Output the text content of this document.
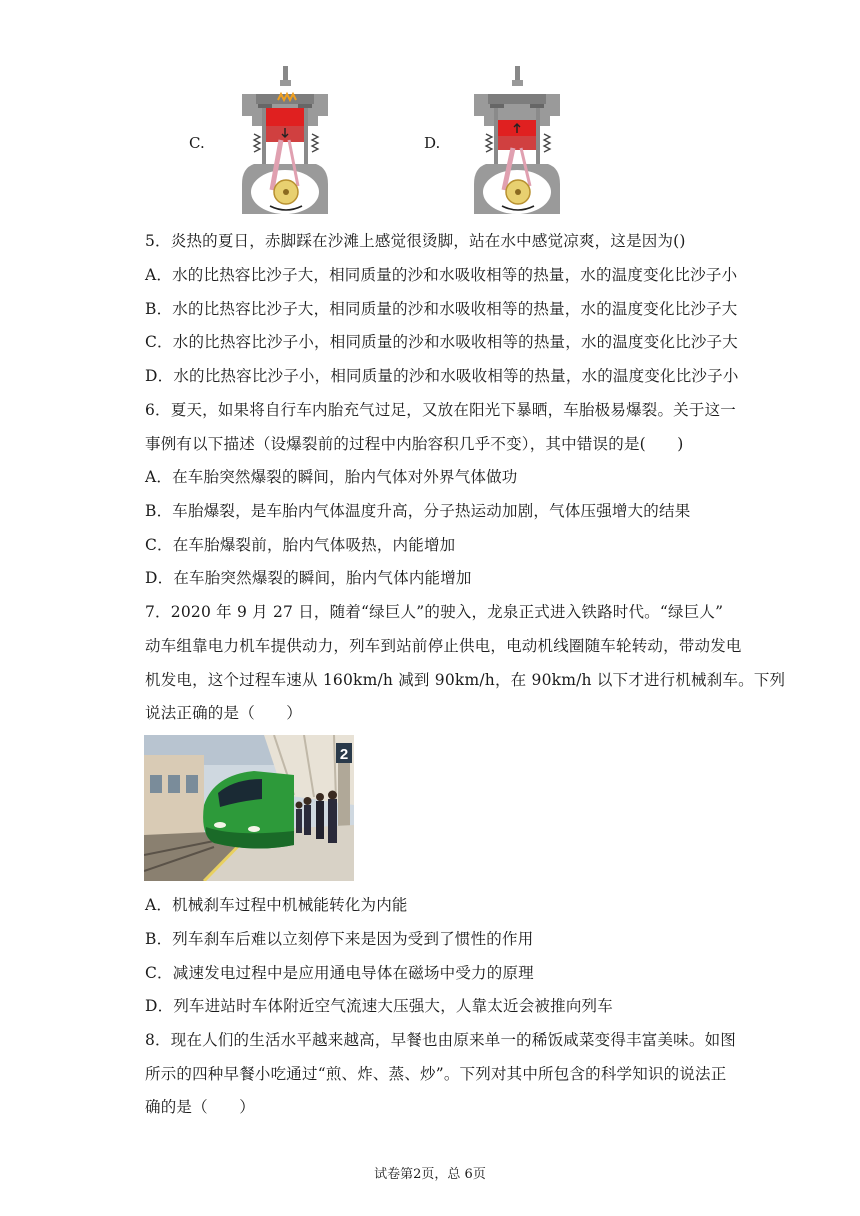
C.	D.
5．炎热的夏日，赤脚踩在沙滩上感觉很烫脚，站在水中感觉凉爽，这是因为()
A．水的比热容比沙子大，相同质量的沙和水吸收相等的热量，水的温度变化比沙子小
B．水的比热容比沙子大，相同质量的沙和水吸收相等的热量，水的温度变化比沙子大
C．水的比热容比沙子小，相同质量的沙和水吸收相等的热量，水的温度变化比沙子大
D．水的比热容比沙子小，相同质量的沙和水吸收相等的热量，水的温度变化比沙子小
6．夏天，如果将自行车内胎充气过足，又放在阳光下暴晒，车胎极易爆裂。关于这一
事例有以下描述（设爆裂前的过程中内胎容积几乎不变），其中错误的是(　　)
A．在车胎突然爆裂的瞬间，胎内气体对外界气体做功
B．车胎爆裂，是车胎内气体温度升高，分子热运动加剧，气体压强增大的结果
C．在车胎爆裂前，胎内气体吸热，内能增加
D．在车胎突然爆裂的瞬间，胎内气体内能增加
7．2020 年 9 月 27 日，随着“绿巨人”的驶入，龙泉正式进入铁路时代。“绿巨人”
动车组靠电力机车提供动力，列车到站前停止供电，电动机线圈随车轮转动，带动发电
机发电，这个过程车速从 160km/h 减到 90km/h，在 90km/h 以下才进行机械刹车。下列
说法正确的是（　　）
2
A．机械刹车过程中机械能转化为内能
B．列车刹车后难以立刻停下来是因为受到了惯性的作用
C．减速发电过程中是应用通电导体在磁场中受力的原理
D．列车进站时车体附近空气流速大压强大，人靠太近会被推向列车
8．现在人们的生活水平越来越高，早餐也由原来单一的稀饭咸菜变得丰富美味。如图
所示的四种早餐小吃通过“煎、炸、蒸、炒”。下列对其中所包含的科学知识的说法正
确的是（　　）
试卷第2页，总 6页
